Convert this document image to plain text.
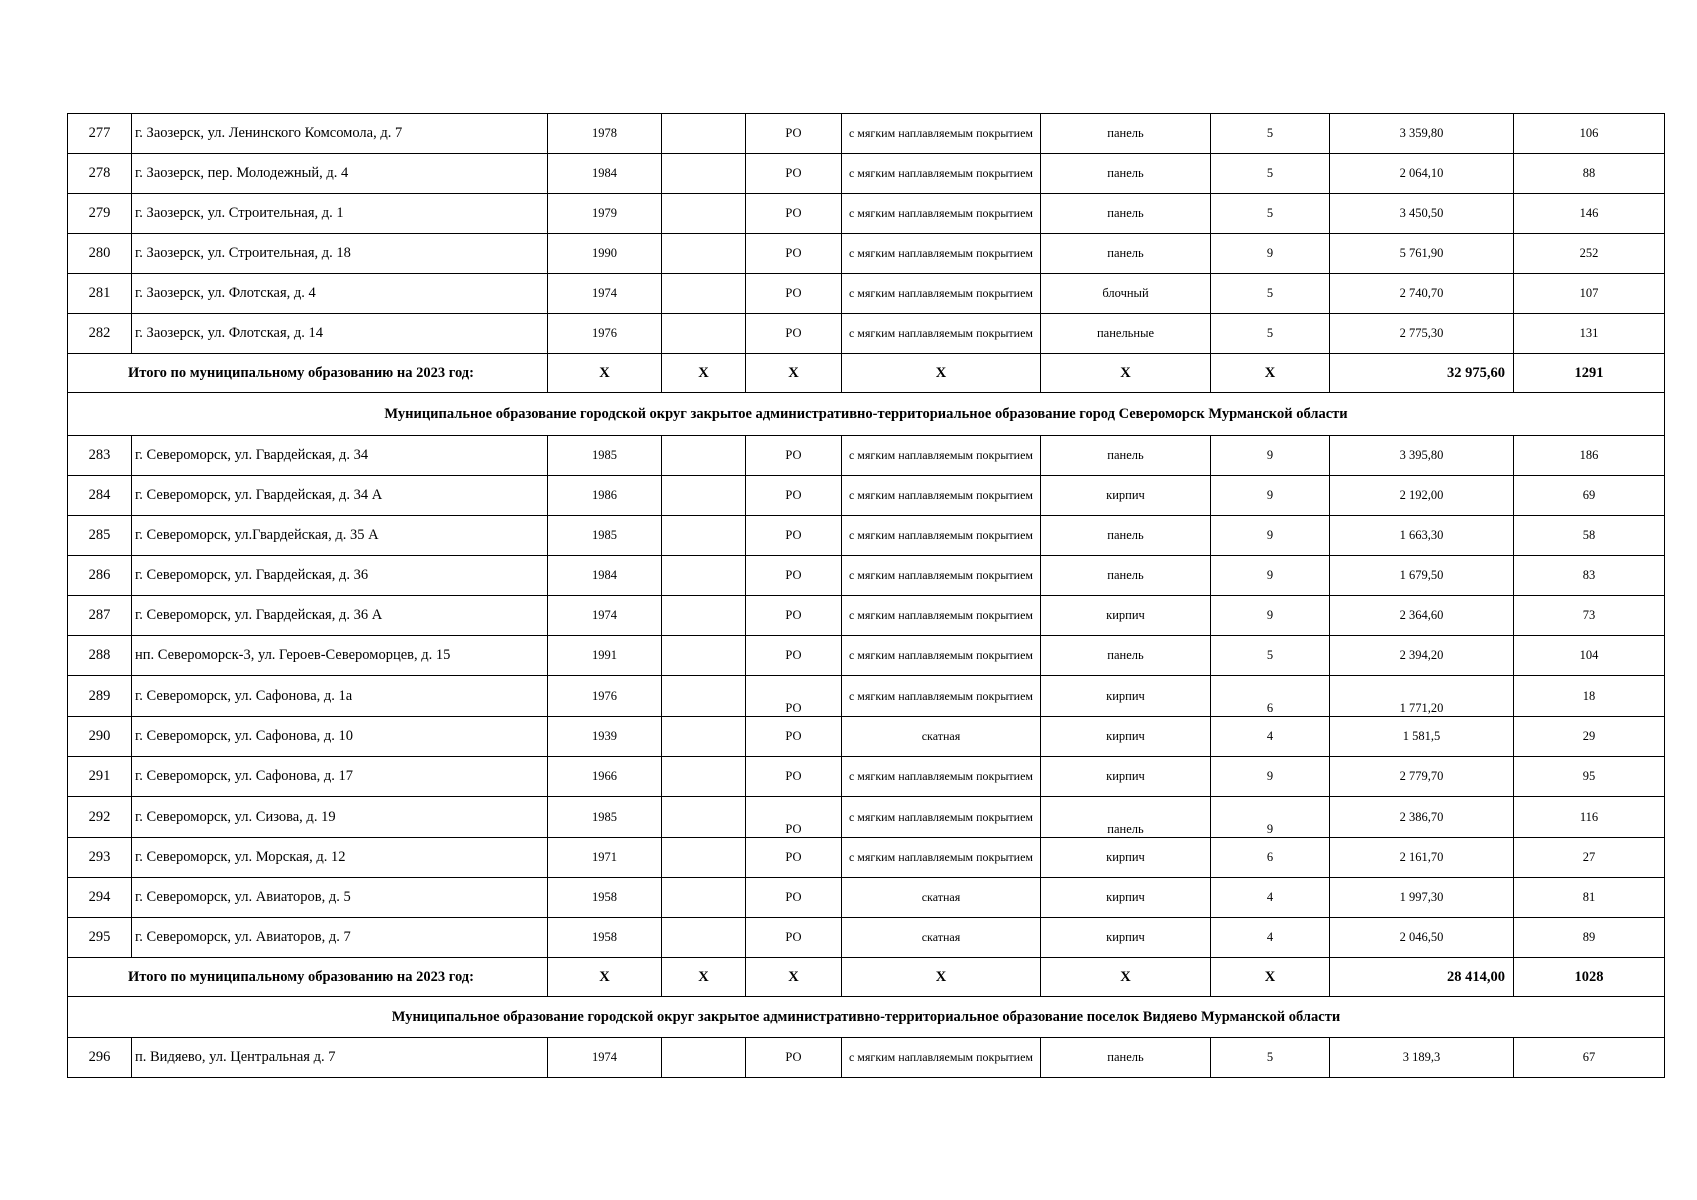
277	г. Заозерск, ул. Ленинского Комсомола, д. 7	1978		РО	с мягким наплавляемым покрытием	панель	5	3 359,80	106
278	г. Заозерск, пер. Молодежный, д. 4	1984		РО	с мягким наплавляемым покрытием	панель	5	2 064,10	88
279	г. Заозерск, ул. Строительная, д. 1	1979		РО	с мягким наплавляемым покрытием	панель	5	3 450,50	146
280	г. Заозерск, ул. Строительная, д. 18	1990		РО	с мягким наплавляемым покрытием	панель	9	5 761,90	252
281	г. Заозерск, ул. Флотская, д. 4	1974		РО	с мягким наплавляемым покрытием	блочный	5	2 740,70	107
282	г. Заозерск, ул. Флотская, д. 14	1976		РО	с мягким наплавляемым покрытием	панельные	5	2 775,30	131
Итого по муниципальному образованию на 2023 год:		X	X	X	X	X	X	32 975,60	1291
Муниципальное образование городской округ закрытое административно-территориальное образование город Североморск Мурманской области									
283	г. Североморск, ул. Гвардейская, д. 34	1985		РО	с мягким наплавляемым покрытием	панель	9	3 395,80	186
284	г. Североморск, ул. Гвардейская, д. 34 А	1986		РО	с мягким наплавляемым покрытием	кирпич	9	2 192,00	69
285	г. Североморск, ул.Гвардейская, д. 35 А	1985		РО	с мягким наплавляемым покрытием	панель	9	1 663,30	58
286	г. Североморск, ул. Гвардейская, д. 36	1984		РО	с мягким наплавляемым покрытием	панель	9	1 679,50	83
287	г. Североморск, ул. Гвардейская, д. 36 А	1974		РО	с мягким наплавляемым покрытием	кирпич	9	2 364,60	73
288	нп. Североморск-3, ул. Героев-Североморцев, д. 15	1991		РО	с мягким наплавляемым покрытием	панель	5	2 394,20	104
289	г. Североморск, ул. Сафонова, д. 1а	1976		РО	с мягким наплавляемым покрытием	кирпич	6	1 771,20	18
290	г. Североморск, ул. Сафонова, д. 10	1939		РО	скатная	кирпич	4	1 581,5	29
291	г. Североморск, ул. Сафонова, д. 17	1966		РО	с мягким наплавляемым покрытием	кирпич	9	2 779,70	95
292	г. Североморск, ул. Сизова, д. 19	1985		РО	с мягким наплавляемым покрытием	панель	9	2 386,70	116
293	г. Североморск, ул. Морская, д. 12	1971		РО	с мягким наплавляемым покрытием	кирпич	6	2 161,70	27
294	г. Североморск, ул. Авиаторов, д. 5	1958		РО	скатная	кирпич	4	1 997,30	81
295	г. Североморск, ул. Авиаторов, д. 7	1958		РО	скатная	кирпич	4	2 046,50	89
Итого по муниципальному образованию на 2023 год:		X	X	X	X	X	X	28 414,00	1028
Муниципальное образование городской округ закрытое административно-территориальное образование поселок Видяево Мурманской области									
296	п. Видяево, ул. Центральная д. 7	1974		РО	с мягким наплавляемым покрытием	панель	5	3 189,3	67
